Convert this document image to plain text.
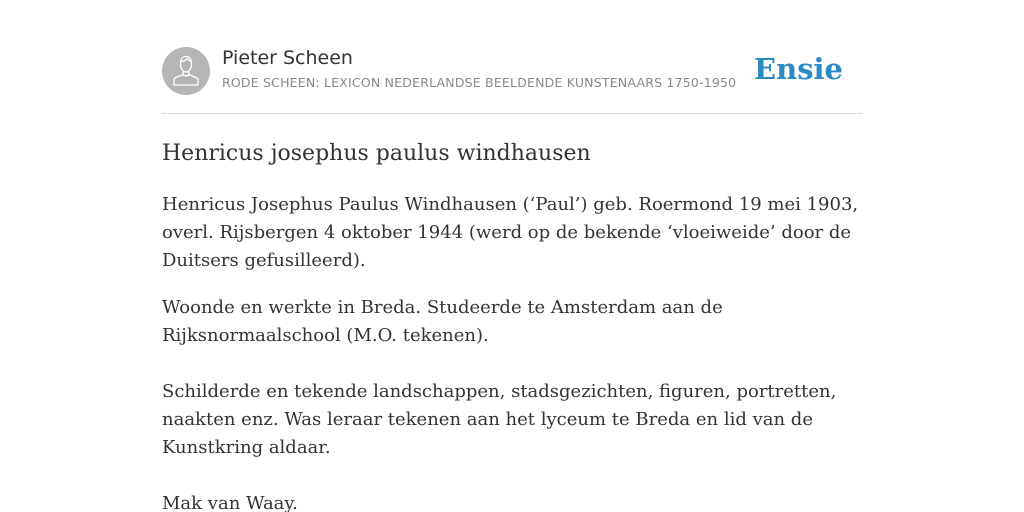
Pieter Scheen
RODE SCHEEN: LEXICON NEDERLANDSE BEELDENDE KUNSTENAARS 1750-1950 Ensie
Henricus josephus paulus windhausen

Henricus Josephus Paulus Windhausen (‘Paul’) geb. Roermond 19 mei 1903, overl. Rijsbergen 4 oktober 1944 (werd op de bekende ‘vloeiweide’ door de Duitsers gefusilleerd).

Woonde en werkte in Breda. Studeerde te Amsterdam aan de Rijksnormaalschool (M.O. tekenen).

Schilderde en tekende landschappen, stadsgezichten, figuren, portretten, naakten enz. Was leraar tekenen aan het lyceum te Breda en lid van de Kunstkring aldaar.

Mak van Waay.
